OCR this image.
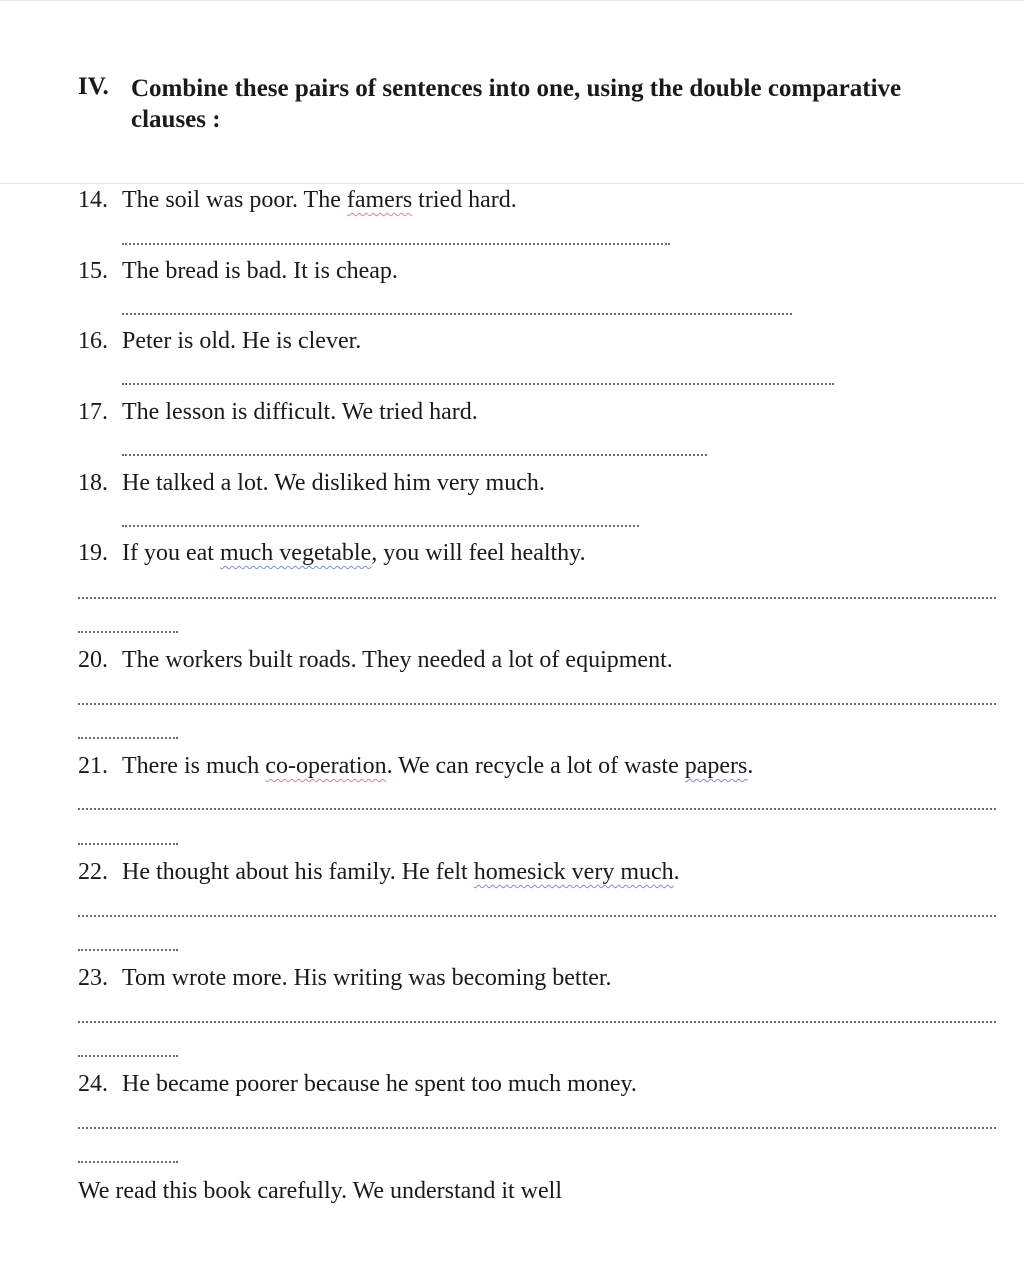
IV. Combine these pairs of sentences into one, using the double comparative clauses :
14. The soil was poor. The famers tried hard.
15. The bread is bad. It is cheap.
16. Peter is old. He is clever.
17. The lesson is difficult. We tried hard.
18. He talked a lot. We disliked him very much.
19. If you eat much vegetable, you will feel healthy.
20. The workers built roads. They needed a lot of equipment.
21. There is much co-operation. We can recycle a lot of waste papers.
22. He thought about his family. He felt homesick very much.
23. Tom wrote more. His writing was becoming better.
24. He became poorer because he spent too much money.
We read this book carefully. We understand it well
